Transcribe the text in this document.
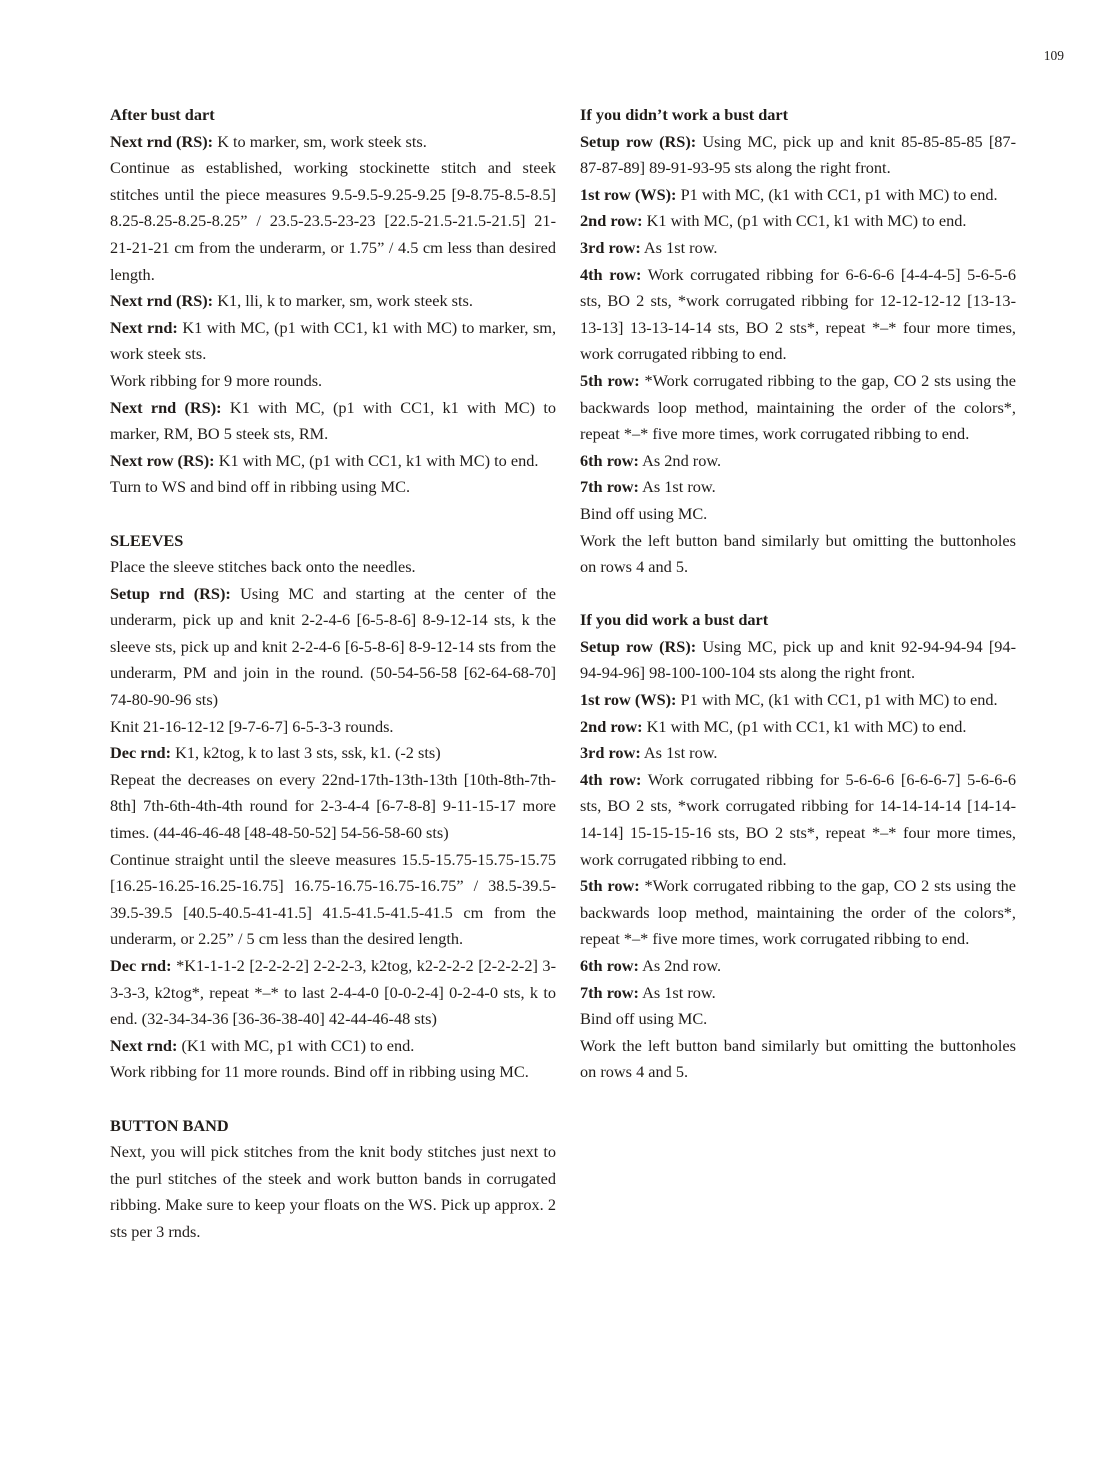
109
After bust dart

Next rnd (RS): K to marker, sm, work steek sts.

Continue as established, working stockinette stitch and steek stitches until the piece measures 9.5-9.5-9.25-9.25 [9-8.75-8.5-8.5] 8.25-8.25-8.25-8.25” / 23.5-23.5-23-23 [22.5-21.5-21.5-21.5] 21-21-21-21 cm from the underarm, or 1.75” / 4.5 cm less than desired length.

Next rnd (RS): K1, lli, k to marker, sm, work steek sts.

Next rnd: K1 with MC, (p1 with CC1, k1 with MC) to marker, sm, work steek sts.

Work ribbing for 9 more rounds.

Next rnd (RS): K1 with MC, (p1 with CC1, k1 with MC) to marker, RM, BO 5 steek sts, RM.

Next row (RS): K1 with MC, (p1 with CC1, k1 with MC) to end.

Turn to WS and bind off in ribbing using MC.

SLEEVES

Place the sleeve stitches back onto the needles.

Setup rnd (RS): Using MC and starting at the center of the underarm, pick up and knit 2-2-4-6 [6-5-8-6] 8-9-12-14 sts, k the sleeve sts, pick up and knit 2-2-4-6 [6-5-8-6] 8-9-12-14 sts from the underarm, PM and join in the round. (50-54-56-58 [62-64-68-70] 74-80-90-96 sts)

Knit 21-16-12-12 [9-7-6-7] 6-5-3-3 rounds.

Dec rnd: K1, k2tog, k to last 3 sts, ssk, k1. (-2 sts)

Repeat the decreases on every 22nd-17th-13th-13th [10th-8th-7th-8th] 7th-6th-4th-4th round for 2-3-4-4 [6-7-8-8] 9-11-15-17 more times. (44-46-46-48 [48-48-50-52] 54-56-58-60 sts)

Continue straight until the sleeve measures 15.5-15.75-15.75-15.75 [16.25-16.25-16.25-16.75] 16.75-16.75-16.75-16.75” / 38.5-39.5-39.5-39.5 [40.5-40.5-41-41.5] 41.5-41.5-41.5-41.5 cm from the underarm, or 2.25” / 5 cm less than the desired length.

Dec rnd: *K1-1-1-2 [2-2-2-2] 2-2-2-3, k2tog, k2-2-2-2 [2-2-2-2] 3-3-3-3, k2tog*, repeat *–* to last 2-4-4-0 [0-0-2-4] 0-2-4-0 sts, k to end. (32-34-34-36 [36-36-38-40] 42-44-46-48 sts)

Next rnd: (K1 with MC, p1 with CC1) to end.

Work ribbing for 11 more rounds. Bind off in ribbing using MC.

BUTTON BAND

Next, you will pick stitches from the knit body stitches just next to the purl stitches of the steek and work button bands in corrugated ribbing. Make sure to keep your floats on the WS. Pick up approx. 2 sts per 3 rnds.

If you didn’t work a bust dart

Setup row (RS): Using MC, pick up and knit 85-85-85-85 [87-87-87-89] 89-91-93-95 sts along the right front.

1st row (WS): P1 with MC, (k1 with CC1, p1 with MC) to end.

2nd row: K1 with MC, (p1 with CC1, k1 with MC) to end.

3rd row: As 1st row.

4th row: Work corrugated ribbing for 6-6-6-6 [4-4-4-5] 5-6-5-6 sts, BO 2 sts, *work corrugated ribbing for 12-12-12-12 [13-13-13-13] 13-13-14-14 sts, BO 2 sts*, repeat *–* four more times, work corrugated ribbing to end.

5th row: *Work corrugated ribbing to the gap, CO 2 sts using the backwards loop method, maintaining the order of the colors*, repeat *–* five more times, work corrugated ribbing to end.

6th row: As 2nd row.

7th row: As 1st row.

Bind off using MC.

Work the left button band similarly but omitting the buttonholes on rows 4 and 5.

If you did work a bust dart

Setup row (RS): Using MC, pick up and knit 92-94-94-94 [94-94-94-96] 98-100-100-104 sts along the right front.

1st row (WS): P1 with MC, (k1 with CC1, p1 with MC) to end.

2nd row: K1 with MC, (p1 with CC1, k1 with MC) to end.

3rd row: As 1st row.

4th row: Work corrugated ribbing for 5-6-6-6 [6-6-6-7] 5-6-6-6 sts, BO 2 sts, *work corrugated ribbing for 14-14-14-14 [14-14-14-14] 15-15-15-16 sts, BO 2 sts*, repeat *–* four more times, work corrugated ribbing to end.

5th row: *Work corrugated ribbing to the gap, CO 2 sts using the backwards loop method, maintaining the order of the colors*, repeat *–* five more times, work corrugated ribbing to end.

6th row: As 2nd row.

7th row: As 1st row.

Bind off using MC.

Work the left button band similarly but omitting the buttonholes on rows 4 and 5.
